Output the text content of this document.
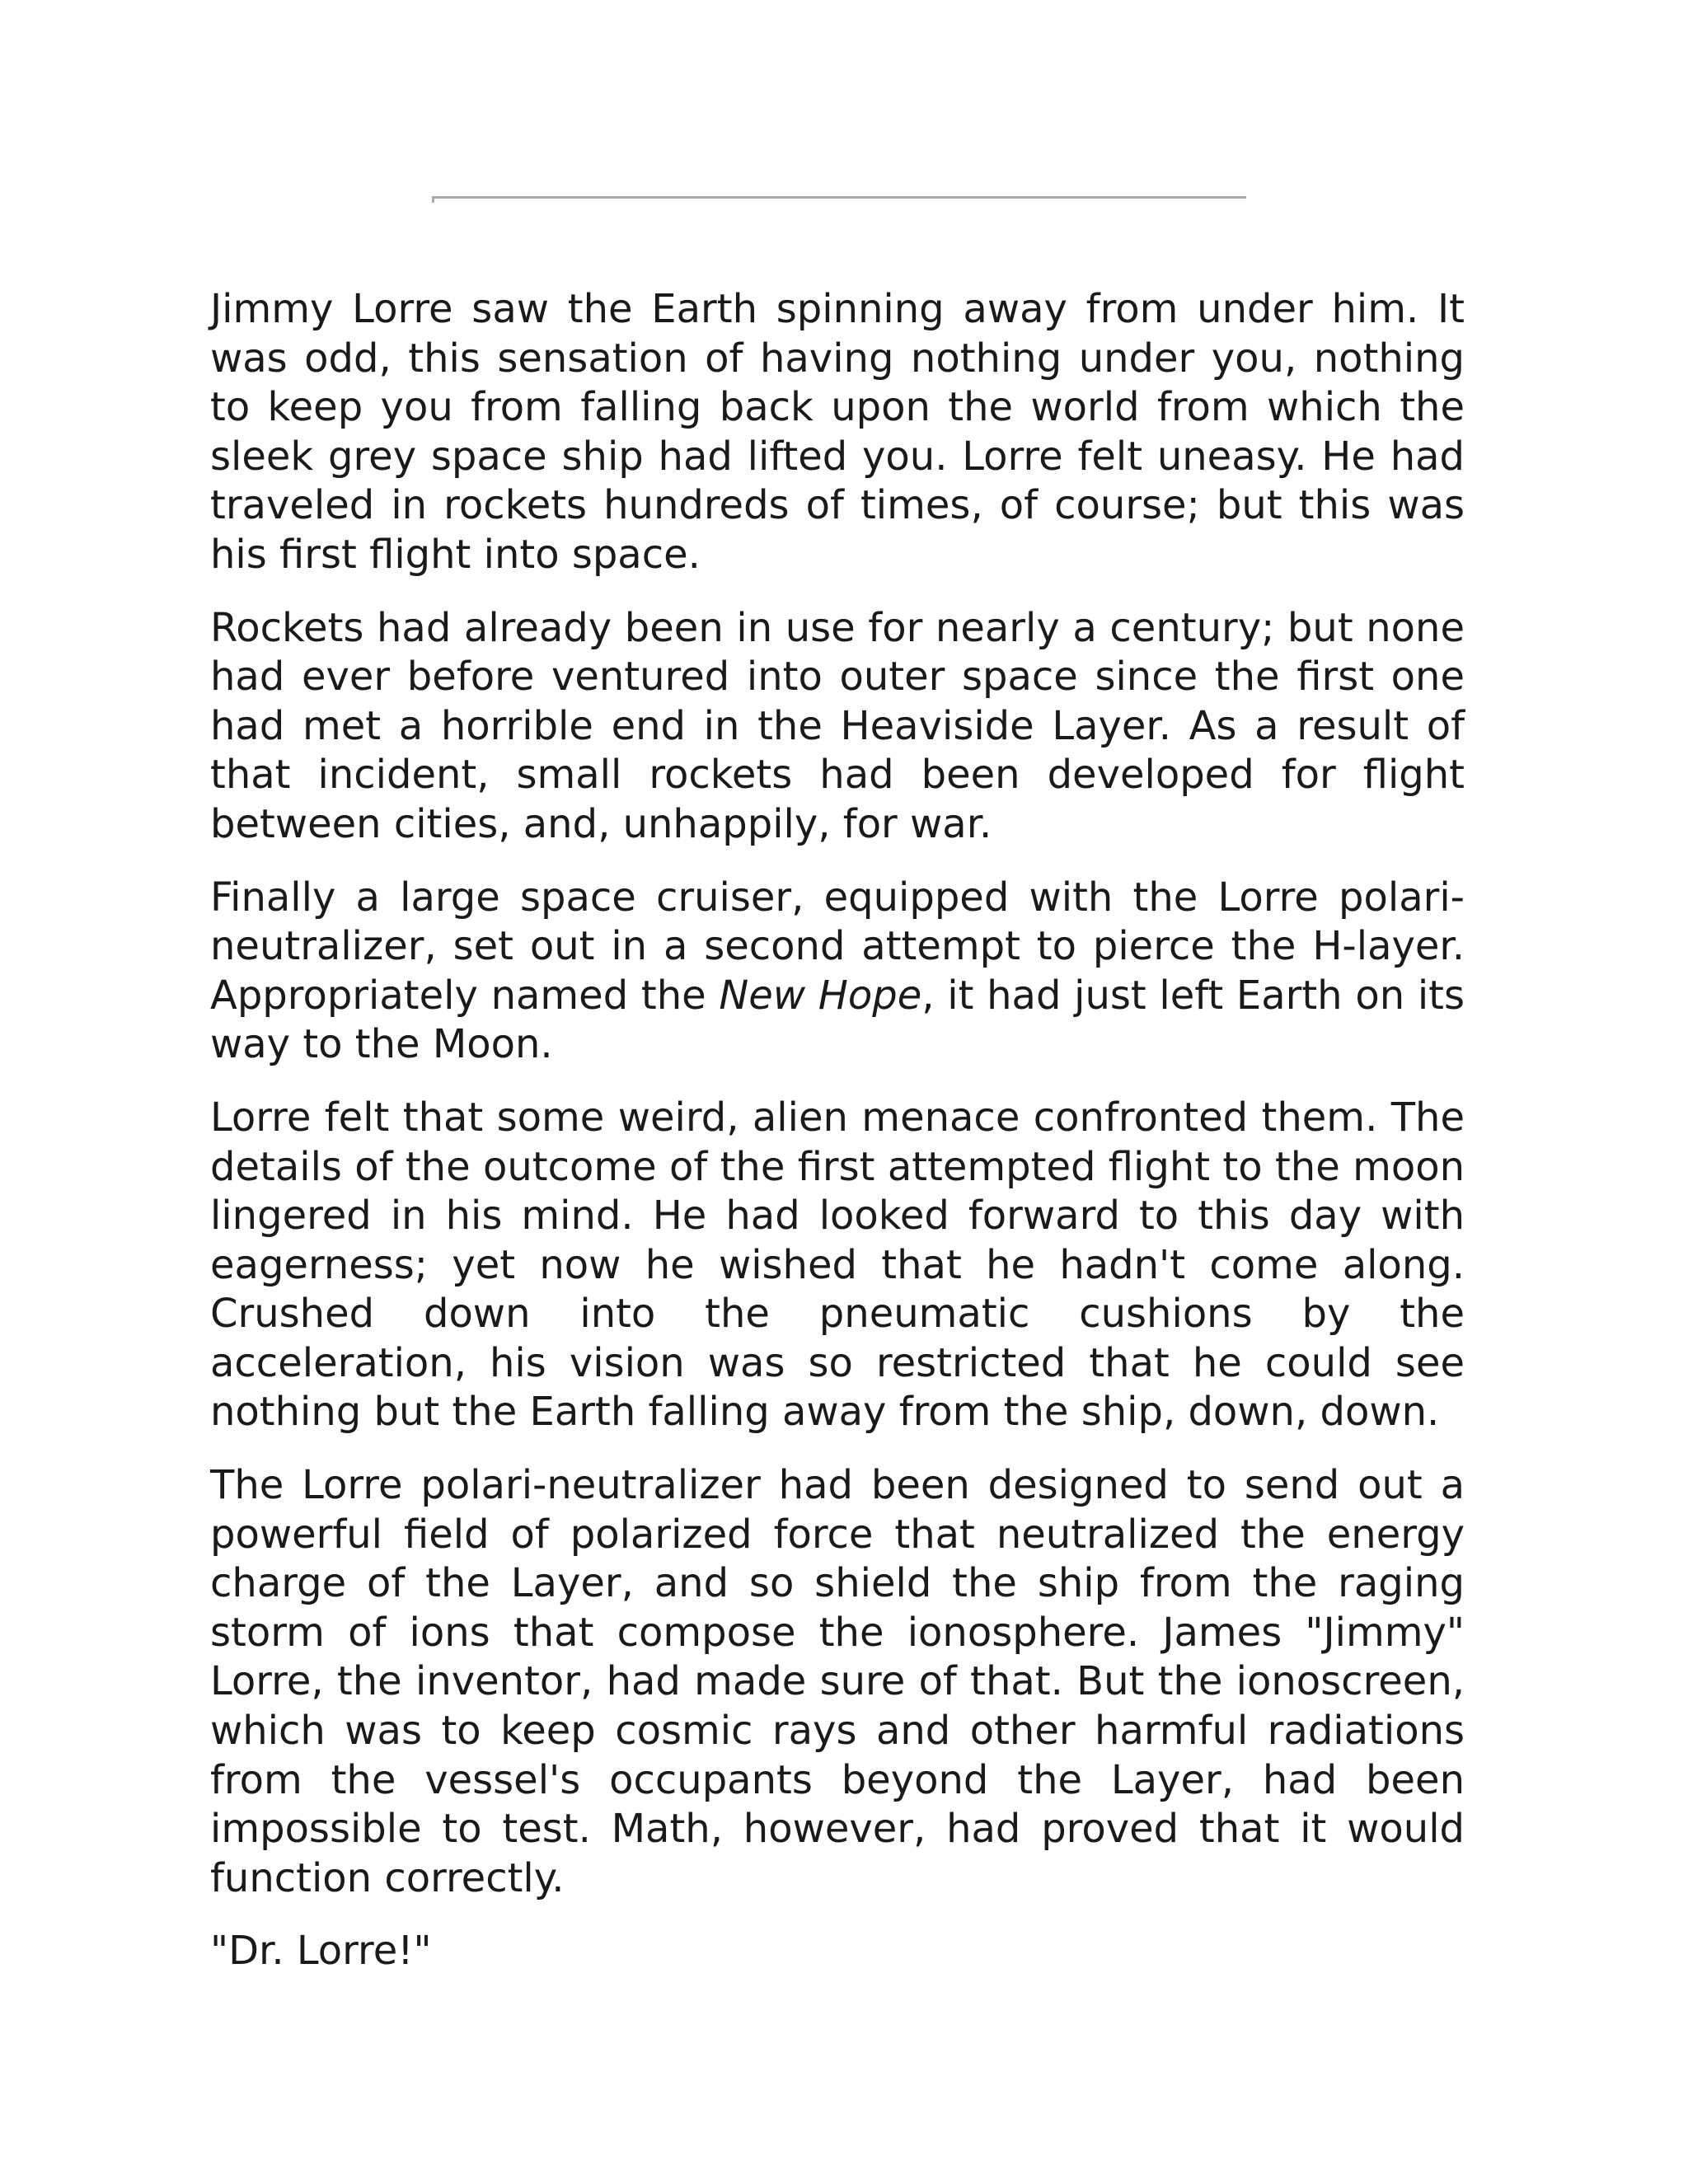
Jimmy Lorre saw the Earth spinning away from under him. It was odd, this sensation of having nothing under you, nothing to keep you from falling back upon the world from which the sleek grey space ship had lifted you. Lorre felt uneasy. He had traveled in rockets hundreds of times, of course; but this was his first flight into space.

Rockets had already been in use for nearly a century; but none had ever before ventured into outer space since the first one had met a horrible end in the Heaviside Layer. As a result of that incident, small rockets had been developed for flight between cities, and, unhappily, for war.

Finally a large space cruiser, equipped with the Lorre polari-neutralizer, set out in a second attempt to pierce the H-layer. Appropriately named the New Hope, it had just left Earth on its way to the Moon.

Lorre felt that some weird, alien menace confronted them. The details of the outcome of the first attempted flight to the moon lingered in his mind. He had looked forward to this day with eagerness; yet now he wished that he hadn't come along. Crushed down into the pneumatic cushions by the acceleration, his vision was so restricted that he could see nothing but the Earth falling away from the ship, down, down.

The Lorre polari-neutralizer had been designed to send out a powerful field of polarized force that neutralized the energy charge of the Layer, and so shield the ship from the raging storm of ions that compose the ionosphere. James "Jimmy" Lorre, the inventor, had made sure of that. But the ionoscreen, which was to keep cosmic rays and other harmful radiations from the vessel's occupants beyond the Layer, had been impossible to test. Math, however, had proved that it would function correctly.

"Dr. Lorre!"
